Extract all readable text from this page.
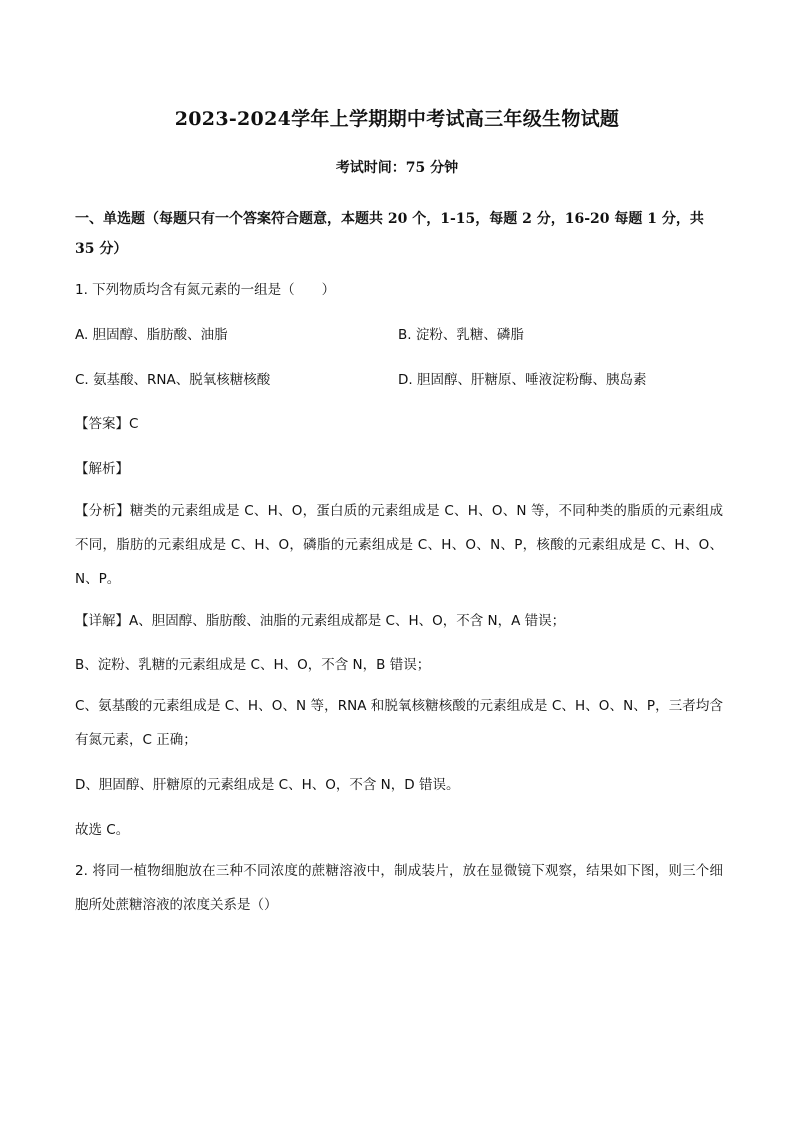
2023-2024学年上学期期中考试高三年级生物试题
考试时间：75 分钟
一、单选题（每题只有一个答案符合题意，本题共 20 个，1-15，每题 2 分，16-20 每题 1 分，共 35 分）
1. 下列物质均含有氮元素的一组是（　　）
A. 胆固醇、脂肪酸、油脂	B. 淀粉、乳糖、磷脂
C. 氨基酸、RNA、脱氧核糖核酸	D. 胆固醇、肝糖原、唾液淀粉酶、胰岛素
【答案】C
【解析】
【分析】糖类的元素组成是 C、H、O，蛋白质的元素组成是 C、H、O、N 等，不同种类的脂质的元素组成不同，脂肪的元素组成是 C、H、O，磷脂的元素组成是 C、H、O、N、P，核酸的元素组成是 C、H、O、N、P。
【详解】A、胆固醇、脂肪酸、油脂的元素组成都是 C、H、O，不含 N，A 错误；
B、淀粉、乳糖的元素组成是 C、H、O，不含 N，B 错误；
C、氨基酸的元素组成是 C、H、O、N 等，RNA 和脱氧核糖核酸的元素组成是 C、H、O、N、P，三者均含有氮元素，C 正确；
D、胆固醇、肝糖原的元素组成是 C、H、O，不含 N，D 错误。
故选 C。
2. 将同一植物细胞放在三种不同浓度的蔗糖溶液中，制成装片，放在显微镜下观察，结果如下图，则三个细胞所处蔗糖溶液的浓度关系是（）
